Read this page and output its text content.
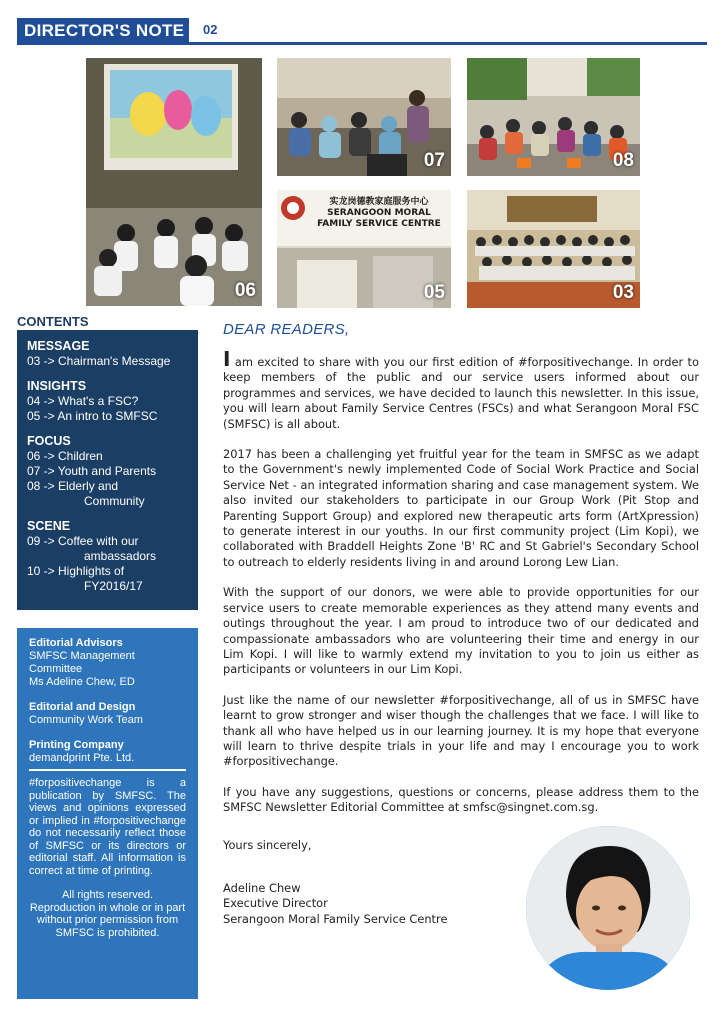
DIRECTOR'S NOTE 02
06
07	08
实龙岗德教家庭服务中心
SERANGOON MORAL
FAMILY SERVICE CENTRE
05	03
CONTENTS
MESSAGE
03 -> Chairman's Message
INSIGHTS
04 -> What's a FSC?
05 -> An intro to SMFSC
FOCUS
06 -> Children
07 -> Youth and Parents
08 -> Elderly and
Community
SCENE
09 -> Coffee with our
ambassadors
10 -> Highlights of
FY2016/17
Editorial Advisors
SMFSC Management
Committee
Ms Adeline Chew, ED
Editorial and Design
Community Work Team
Printing Company
demandprint Pte. Ltd.
#forpositivechange is a publication by SMFSC. The views and opinions expressed or implied in #forpositivechange do not necessarily reflect those of SMFSC or its directors or editorial staff. All information is correct at time of printing.
All rights reserved. Reproduction in whole or in part without prior permission from SMFSC is prohibited.
DEAR READERS,

I am excited to share with you our first edition of #forpositivechange. In order to keep members of the public and our service users informed about our programmes and services, we have decided to launch this newsletter. In this issue, you will learn about Family Service Centres (FSCs) and what Serangoon Moral FSC (SMFSC) is all about.

2017 has been a challenging yet fruitful year for the team in SMFSC as we adapt to the Government's newly implemented Code of Social Work Practice and Social Service Net - an integrated information sharing and case management system. We also invited our stakeholders to participate in our Group Work (Pit Stop and Parenting Support Group) and explored new therapeutic arts form (ArtXpression) to generate interest in our youths. In our first community project (Lim Kopi), we collaborated with Braddell Heights Zone 'B' RC and St Gabriel's Secondary School to outreach to elderly residents living in and around Lorong Lew Lian.

With the support of our donors, we were able to provide opportunities for our service users to create memorable experiences as they attend many events and outings throughout the year. I am proud to introduce two of our dedicated and compassionate ambassadors who are volunteering their time and energy in our Lim Kopi. I will like to warmly extend my invitation to you to join us either as participants or volunteers in our Lim Kopi.

Just like the name of our newsletter #forpositivechange, all of us in SMFSC have learnt to grow stronger and wiser though the challenges that we face. I will like to thank all who have helped us in our learning journey. It is my hope that everyone will learn to thrive despite trials in your life and may I encourage you to work #forpositivechange.

If you have any suggestions, questions or concerns, please address them to the SMFSC Newsletter Editorial Committee at smfsc@singnet.com.sg.

Yours sincerely,
Adeline Chew
Executive Director
Serangoon Moral Family Service Centre
